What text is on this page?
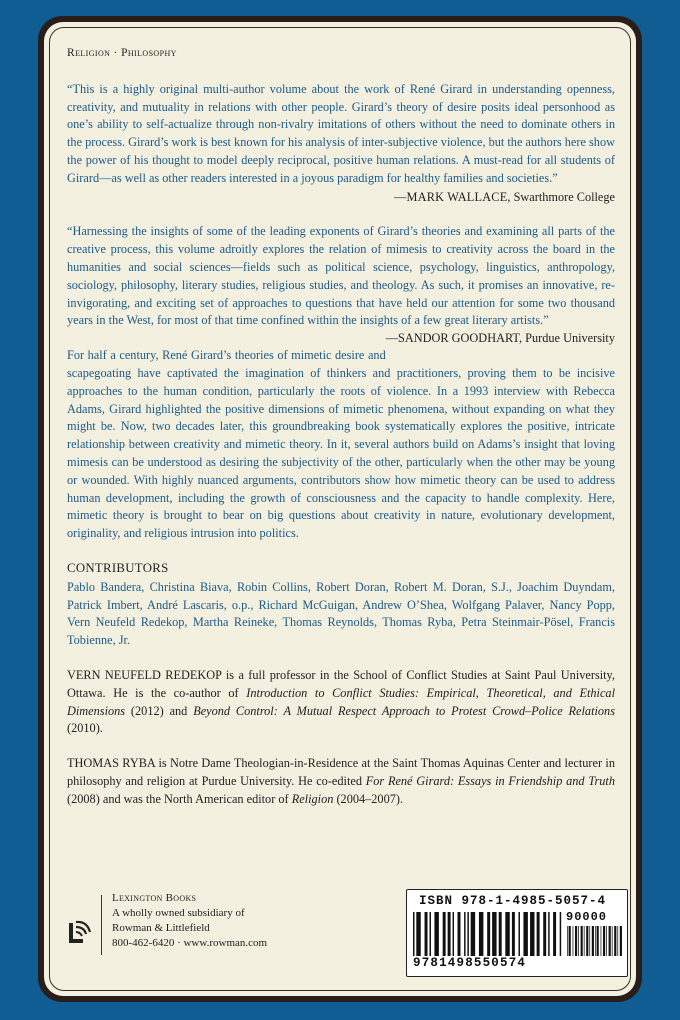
Religion · Philosophy

“This is a highly original multi-author volume about the work of René Girard in understanding openness, creativity, and mutuality in relations with other people. Girard’s theory of desire posits ideal personhood as one’s ability to self-actualize through non-rivalry imitations of others without the need to dominate others in the process. Girard’s work is best known for his analysis of inter-subjective violence, but the authors here show the power of his thought to model deeply reciprocal, positive human relations. A must-read for all students of Girard—as well as other readers interested in a joyous paradigm for healthy families and societies.”

—MARK WALLACE, Swarthmore College

“Harnessing the insights of some of the leading exponents of Girard’s theories and examining all parts of the creative process, this volume adroitly explores the relation of mimesis to creativity across the board in the humanities and social sciences—fields such as political science, psychology, linguistics, anthropology, sociology, philosophy, literary studies, religious studies, and theology. As such, it promises an innovative, re-invigorating, and exciting set of approaches to questions that have held our attention for some two thousand years in the West, for most of that time confined within the insights of a few great literary artists.”
—SANDOR GOODHART, Purdue University

For half a century, René Girard’s theories of mimetic desire and scapegoating have captivated the imagination of thinkers and practitioners, proving them to be incisive approaches to the human condition, particularly the roots of violence. In a 1993 interview with Rebecca Adams, Girard highlighted the positive dimensions of mimetic phenomena, without expanding on what they might be. Now, two decades later, this groundbreaking book systematically explores the positive, intricate relationship between creativity and mimetic theory. In it, several authors build on Adams’s insight that loving mimesis can be understood as desiring the subjectivity of the other, particularly when the other may be young or wounded. With highly nuanced arguments, contributors show how mimetic theory can be used to address human development, including the growth of consciousness and the capacity to handle complexity. Here, mimetic theory is brought to bear on big questions about creativity in nature, evolutionary development, originality, and religious intrusion into politics.

CONTRIBUTORS
Pablo Bandera, Christina Biava, Robin Collins, Robert Doran, Robert M. Doran, S.J., Joachim Duyndam, Patrick Imbert, André Lascaris, o.p., Richard McGuigan, Andrew O’Shea, Wolfgang Palaver, Nancy Popp, Vern Neufeld Redekop, Martha Reineke, Thomas Reynolds, Thomas Ryba, Petra Steinmair-Pösel, Francis Tobienne, Jr.

VERN NEUFELD REDEKOP is a full professor in the School of Conflict Studies at Saint Paul University, Ottawa. He is the co-author of Introduction to Conflict Studies: Empirical, Theoretical, and Ethical Dimensions (2012) and Beyond Control: A Mutual Respect Approach to Protest Crowd–Police Relations (2010).

THOMAS RYBA is Notre Dame Theologian-in-Residence at the Saint Thomas Aquinas Center and lecturer in philosophy and religion at Purdue University. He co-edited For René Girard: Essays in Friendship and Truth (2008) and was the North American editor of Religion (2004–2007).

Lexington Books
A wholly owned subsidiary of
Rowman & Littlefield
800-462-6420 · www.rowman.com
ISBN 978-1-4985-5057-4
90000
9781498550574
